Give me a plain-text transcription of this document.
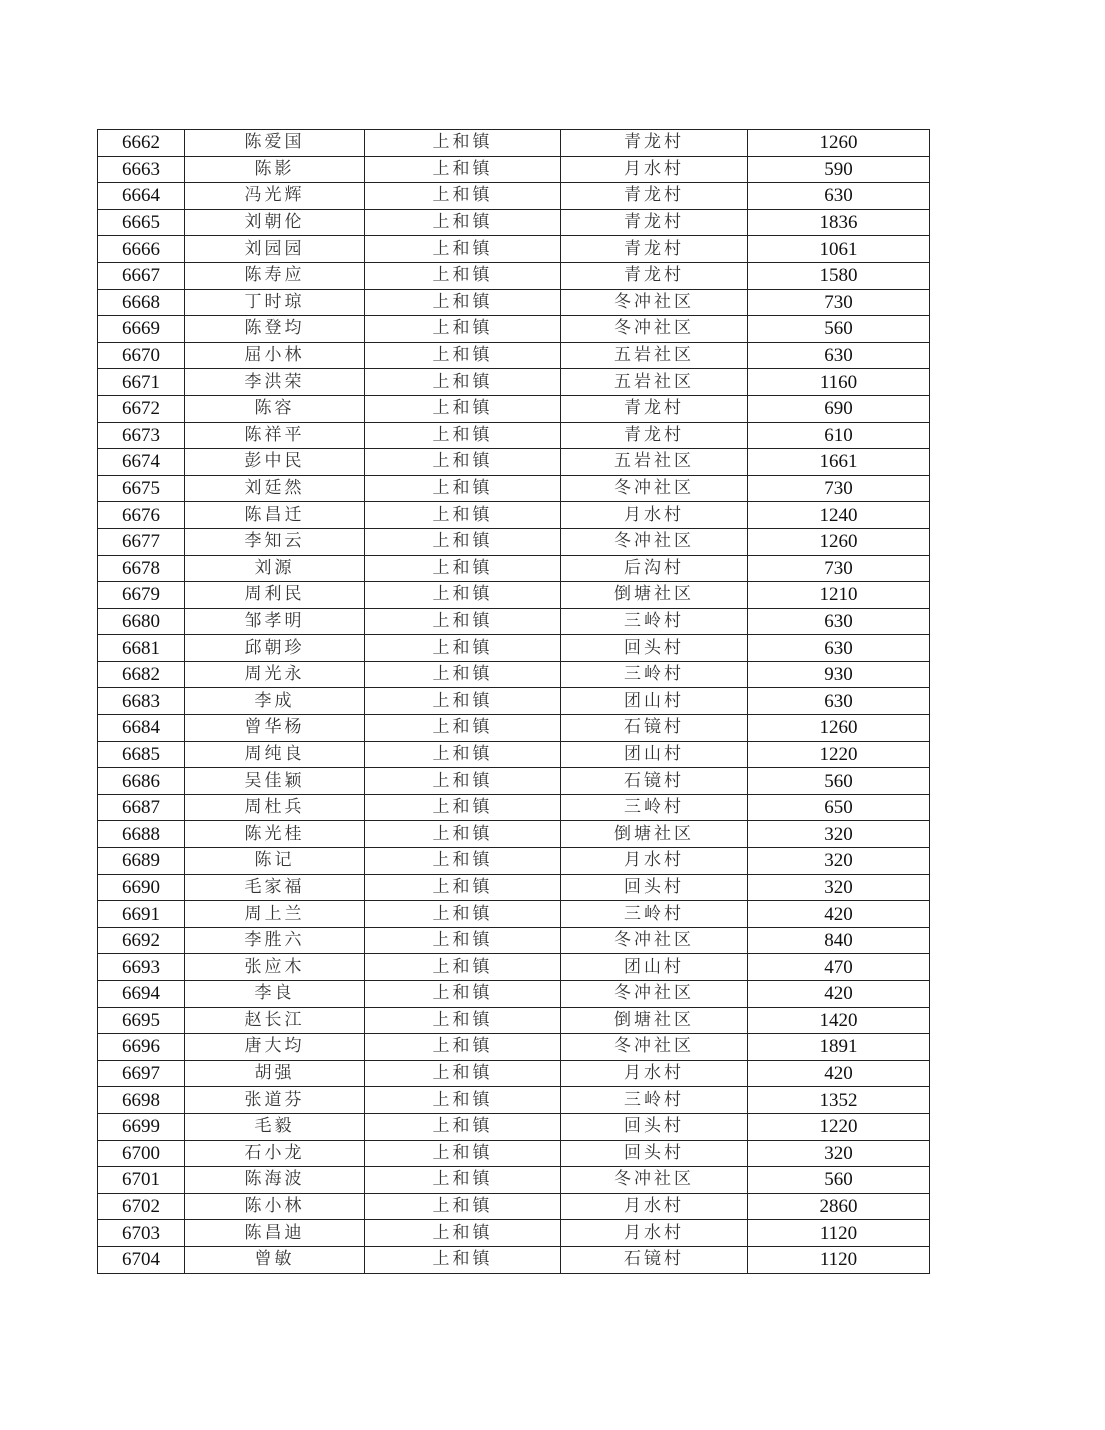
6662	陈爱国	上和镇	青龙村	1260
6663	陈影	上和镇	月水村	590
6664	冯光辉	上和镇	青龙村	630
6665	刘朝伦	上和镇	青龙村	1836
6666	刘园园	上和镇	青龙村	1061
6667	陈寿应	上和镇	青龙村	1580
6668	丁时琼	上和镇	冬冲社区	730
6669	陈登均	上和镇	冬冲社区	560
6670	屈小林	上和镇	五岩社区	630
6671	李洪荣	上和镇	五岩社区	1160
6672	陈容	上和镇	青龙村	690
6673	陈祥平	上和镇	青龙村	610
6674	彭中民	上和镇	五岩社区	1661
6675	刘廷然	上和镇	冬冲社区	730
6676	陈昌迁	上和镇	月水村	1240
6677	李知云	上和镇	冬冲社区	1260
6678	刘源	上和镇	后沟村	730
6679	周利民	上和镇	倒塘社区	1210
6680	邹孝明	上和镇	三岭村	630
6681	邱朝珍	上和镇	回头村	630
6682	周光永	上和镇	三岭村	930
6683	李成	上和镇	团山村	630
6684	曾华杨	上和镇	石镜村	1260
6685	周纯良	上和镇	团山村	1220
6686	吴佳颖	上和镇	石镜村	560
6687	周杜兵	上和镇	三岭村	650
6688	陈光桂	上和镇	倒塘社区	320
6689	陈记	上和镇	月水村	320
6690	毛家福	上和镇	回头村	320
6691	周上兰	上和镇	三岭村	420
6692	李胜六	上和镇	冬冲社区	840
6693	张应木	上和镇	团山村	470
6694	李良	上和镇	冬冲社区	420
6695	赵长江	上和镇	倒塘社区	1420
6696	唐大均	上和镇	冬冲社区	1891
6697	胡强	上和镇	月水村	420
6698	张道芬	上和镇	三岭村	1352
6699	毛毅	上和镇	回头村	1220
6700	石小龙	上和镇	回头村	320
6701	陈海波	上和镇	冬冲社区	560
6702	陈小林	上和镇	月水村	2860
6703	陈昌迪	上和镇	月水村	1120
6704	曾敏	上和镇	石镜村	1120
